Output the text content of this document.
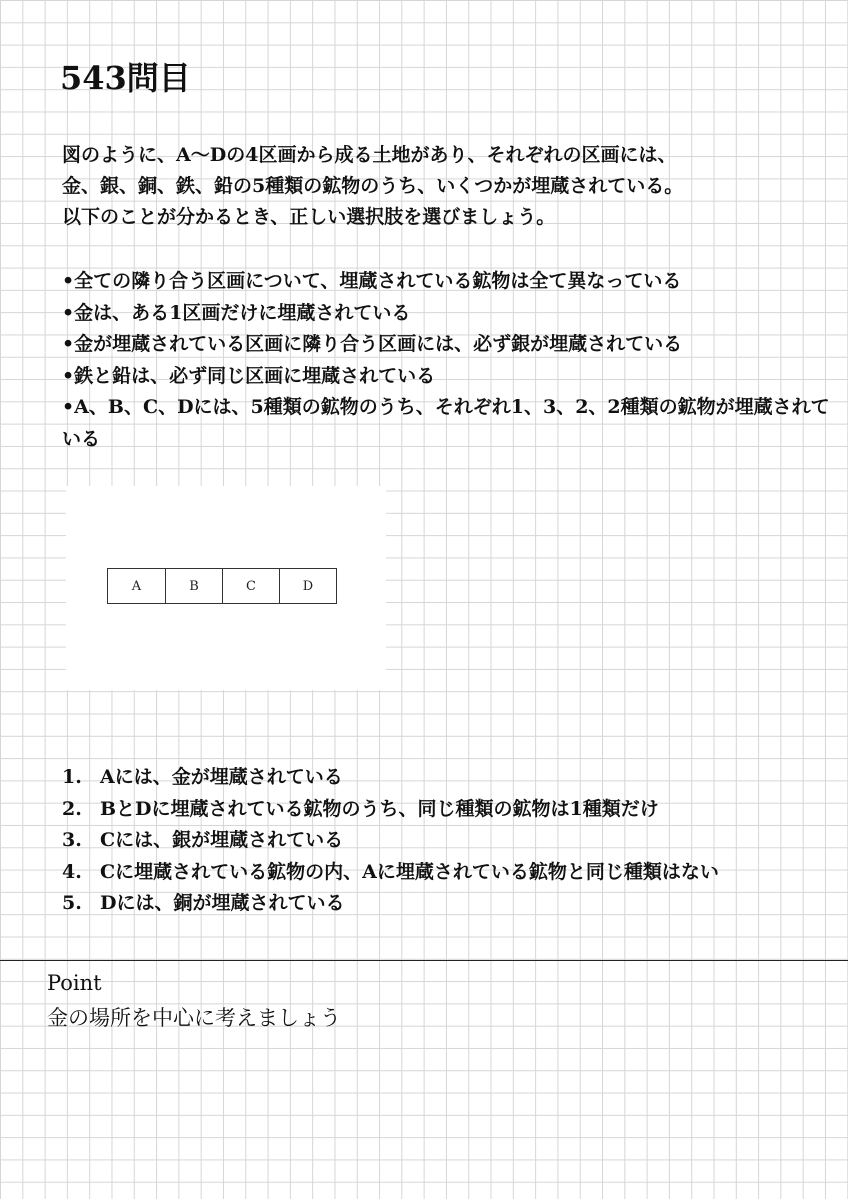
543問目
図のように、A〜Dの4区画から成る土地があり、それぞれの区画には、
金、銀、銅、鉄、鉛の5種類の鉱物のうち、いくつかが埋蔵されている。
以下のことが分かるとき、正しい選択肢を選びましょう。
•全ての隣り合う区画について、埋蔵されている鉱物は全て異なっている
•金は、ある1区画だけに埋蔵されている
•金が埋蔵されている区画に隣り合う区画には、必ず銀が埋蔵されている
•鉄と鉛は、必ず同じ区画に埋蔵されている
•A、B、C、Dには、5種類の鉱物のうち、それぞれ1、3、2、2種類の鉱物が埋蔵されている
A	B	C	D
1. Aには、金が埋蔵されている
2. BとDに埋蔵されている鉱物のうち、同じ種類の鉱物は1種類だけ
3. Cには、銀が埋蔵されている
4. Cに埋蔵されている鉱物の内、Aに埋蔵されている鉱物と同じ種類はない
5. Dには、銅が埋蔵されている
Point
金の場所を中心に考えましょう
